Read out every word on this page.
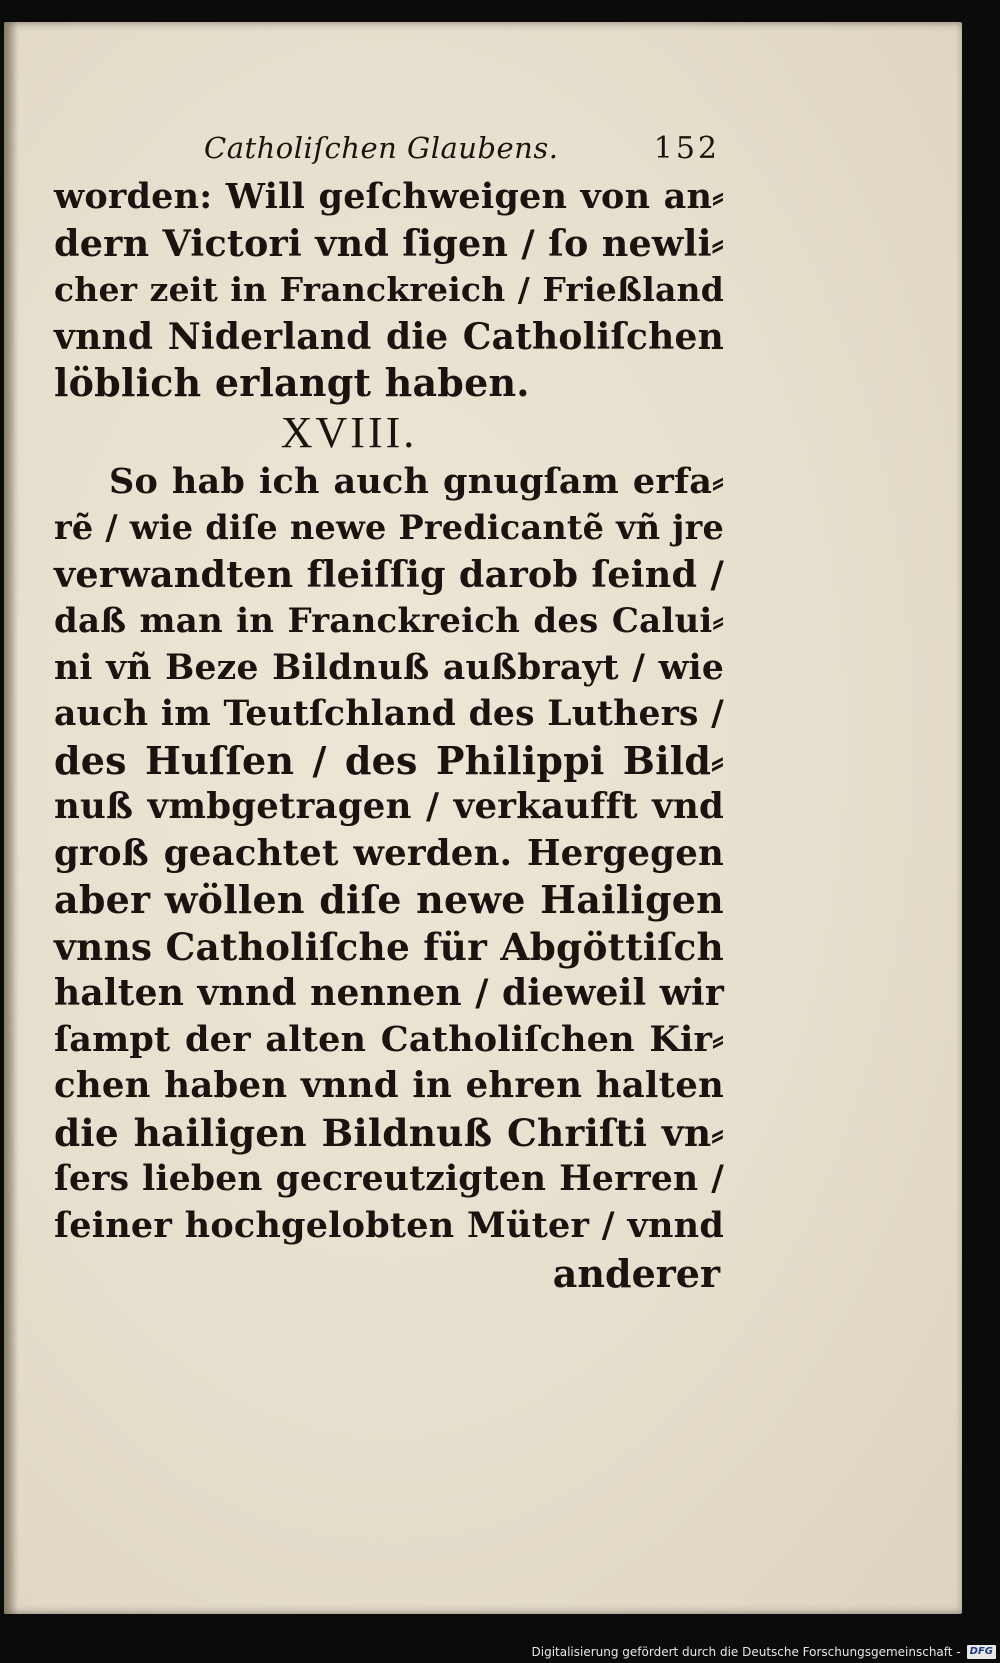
Catholiſchen Glaubens.	152
worden: Will geſchweigen von an⸗
dern Victori vnd ſigen / ſo newli⸗
cher zeit in Franckreich / Frießland
vnnd Niderland die Catholiſchen
löblich erlangt haben.
XVIII.
So hab ich auch gnugſam erfa⸗
rẽ / wie diſe newe Predicantẽ vñ jre
verwandten fleiſſig darob ſeind /
daß man in Franckreich des Calui⸗
ni vñ Beze Bildnuß außbrayt / wie
auch im Teutſchland des Luthers /
des Huſſen / des Philippi Bild⸗
nuß vmbgetragen / verkaufft vnd
groß geachtet werden. Hergegen
aber wöllen diſe newe Hailigen
vnns Catholiſche für Abgöttiſch
halten vnnd nennen / dieweil wir
ſampt der alten Catholiſchen Kir⸗
chen haben vnnd in ehren halten
die hailigen Bildnuß Chriſti vn⸗
ſers lieben gecreutzigten Herren /
ſeiner hochgelobten Müter / vnnd
anderer
Digitalisierung gefördert durch die Deutsche Forschungsgemeinschaft - DFG
